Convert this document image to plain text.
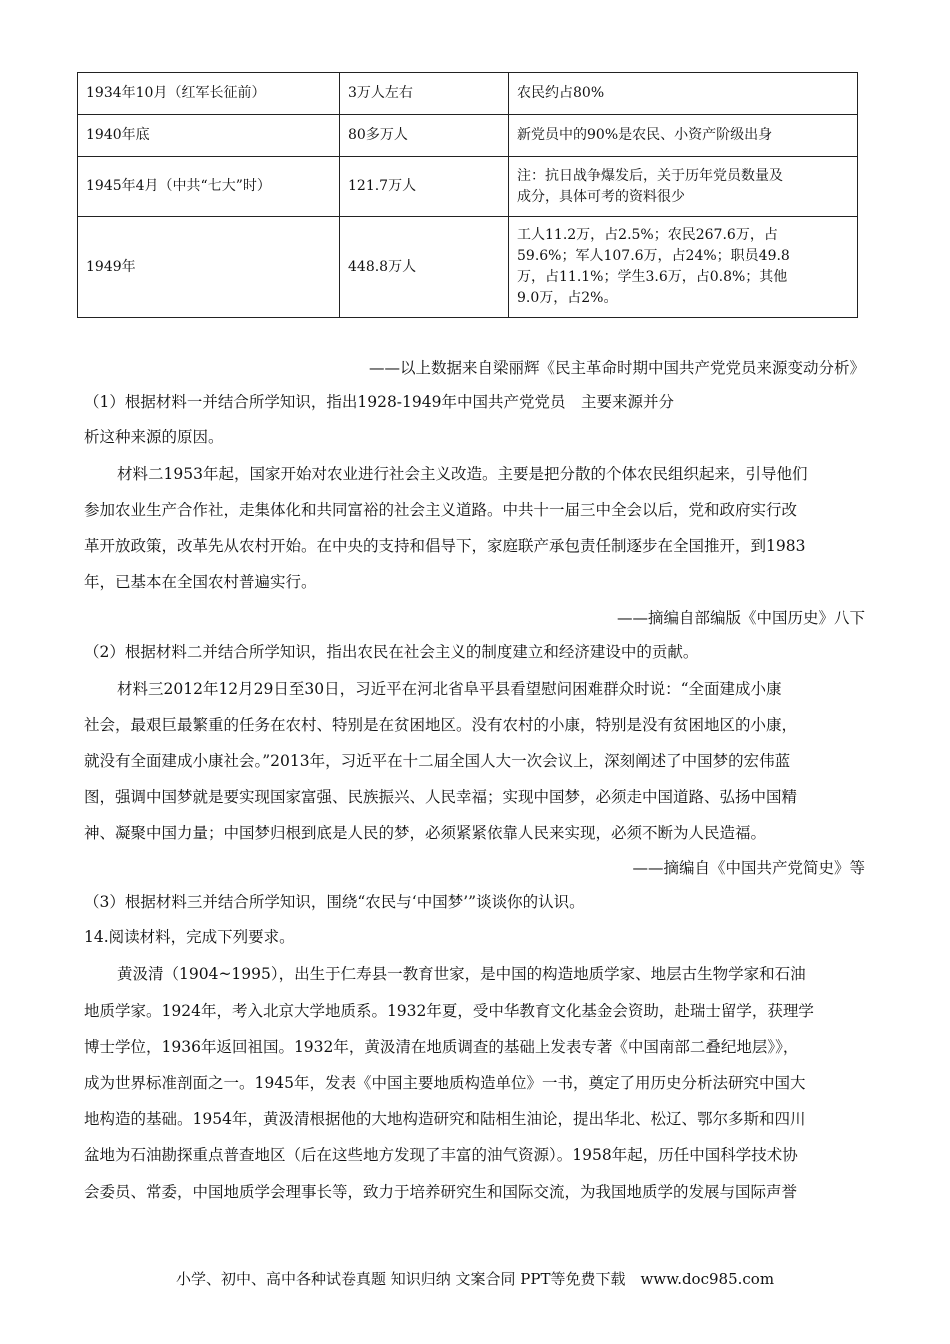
1934年10月（红军长征前）	3万人左右	农民约占80%
1940年底	80多万人	新党员中的90%是农民、小资产阶级出身
1945年4月（中共“七大”时）	121.7万人	注：抗日战争爆发后，关于历年党员数量及
成分，具体可考的资料很少

1949年	448.8万人	工人11.2万，占2.5%；农民267.6万，占
59.6%；军人107.6万，占24%；职员49.8
万，占11.1%；学生3.6万，占0.8%；其他
9.0万，占2%。
——以上数据来自梁丽辉《民主革命时期中国共产党党员来源变动分析》
（1）根据材料一并结合所学知识，指出1928-1949年中国共产党党员　主要来源并分
析这种来源的原因。
材料二1953年起，国家开始对农业进行社会主义改造。主要是把分散的个体农民组织起来，引导他们
参加农业生产合作社，走集体化和共同富裕的社会主义道路。中共十一届三中全会以后，党和政府实行改
革开放政策，改革先从农村开始。在中央的支持和倡导下，家庭联产承包责任制逐步在全国推开，到1983
年，已基本在全国农村普遍实行。
——摘编自部编版《中国历史》八下
（2）根据材料二并结合所学知识，指出农民在社会主义的制度建立和经济建设中的贡献。
材料三2012年12月29日至30日，习近平在河北省阜平县看望慰问困难群众时说：“全面建成小康
社会，最艰巨最繁重的任务在农村、特别是在贫困地区。没有农村的小康，特别是没有贫困地区的小康，
就没有全面建成小康社会。”2013年，习近平在十二届全国人大一次会议上，深刻阐述了中国梦的宏伟蓝
图，强调中国梦就是要实现国家富强、民族振兴、人民幸福；实现中国梦，必须走中国道路、弘扬中国精
神、凝聚中国力量；中国梦归根到底是人民的梦，必须紧紧依靠人民来实现，必须不断为人民造福。
——摘编自《中国共产党简史》等
（3）根据材料三并结合所学知识，围绕“农民与‘中国梦’”谈谈你的认识。
14.阅读材料，完成下列要求。
黄汲清（1904~1995），出生于仁寿县一教育世家，是中国的构造地质学家、地层古生物学家和石油
地质学家。1924年，考入北京大学地质系。1932年夏，受中华教育文化基金会资助，赴瑞士留学，获理学
博士学位，1936年返回祖国。1932年，黄汲清在地质调查的基础上发表专著《中国南部二叠纪地层》》，
成为世界标准剖面之一。1945年，发表《中国主要地质构造单位》一书，奠定了用历史分析法研究中国大
地构造的基础。1954年，黄汲清根据他的大地构造研究和陆相生油论，提出华北、松辽、鄂尔多斯和四川
盆地为石油勘探重点普查地区（后在这些地方发现了丰富的油气资源）。1958年起，历任中国科学技术协
会委员、常委，中国地质学会理事长等，致力于培养研究生和国际交流，为我国地质学的发展与国际声誉
小学、初中、高中各种试卷真题 知识归纳 文案合同 PPT等免费下载　www.doc985.com
